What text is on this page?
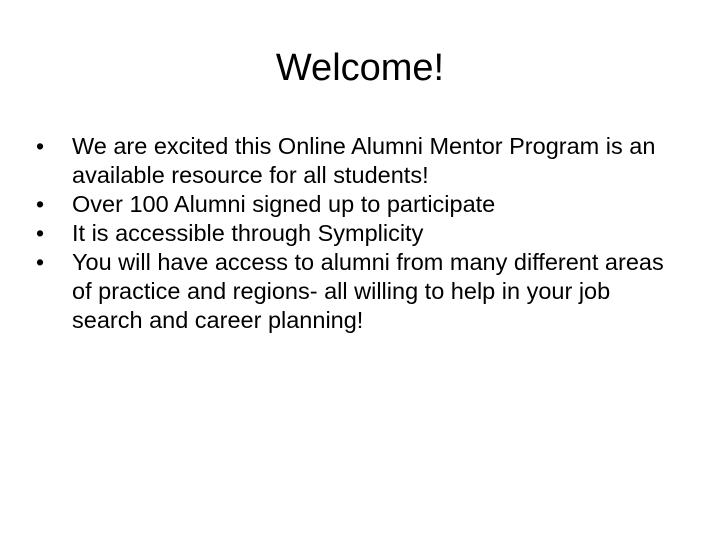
Welcome!
•	We are excited this Online Alumni Mentor Program is an available resource for all students!
•	Over 100 Alumni signed up to participate
•	It is accessible through Symplicity
•	You will have access to alumni from many different areas of practice and regions- all willing to help in your job search and career planning!
